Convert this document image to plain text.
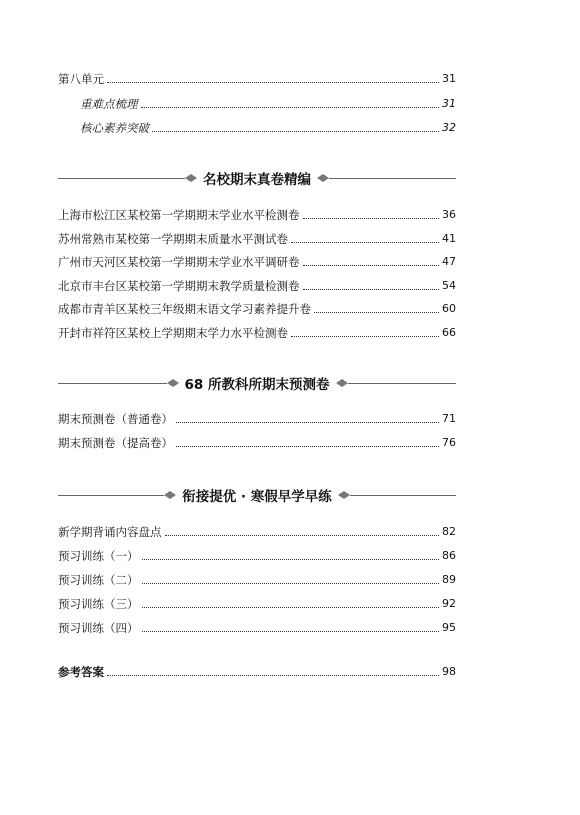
第八单元	31
重难点梳理	31
核心素养突破	32
名校期末真卷精编
上海市松江区某校第一学期期末学业水平检测卷	36
苏州常熟市某校第一学期期末质量水平测试卷	41
广州市天河区某校第一学期期末学业水平调研卷	47
北京市丰台区某校第一学期期末教学质量检测卷	54
成都市青羊区某校三年级期末语文学习素养提升卷	60
开封市祥符区某校上学期期末学力水平检测卷	66
68 所教科所期末预测卷
期末预测卷（普通卷）	71
期末预测卷（提高卷）	76
衔接提优 · 寒假早学早练
新学期背诵内容盘点	82
预习训练（一）	86
预习训练（二）	89
预习训练（三）	92
预习训练（四）	95
参考答案	98
